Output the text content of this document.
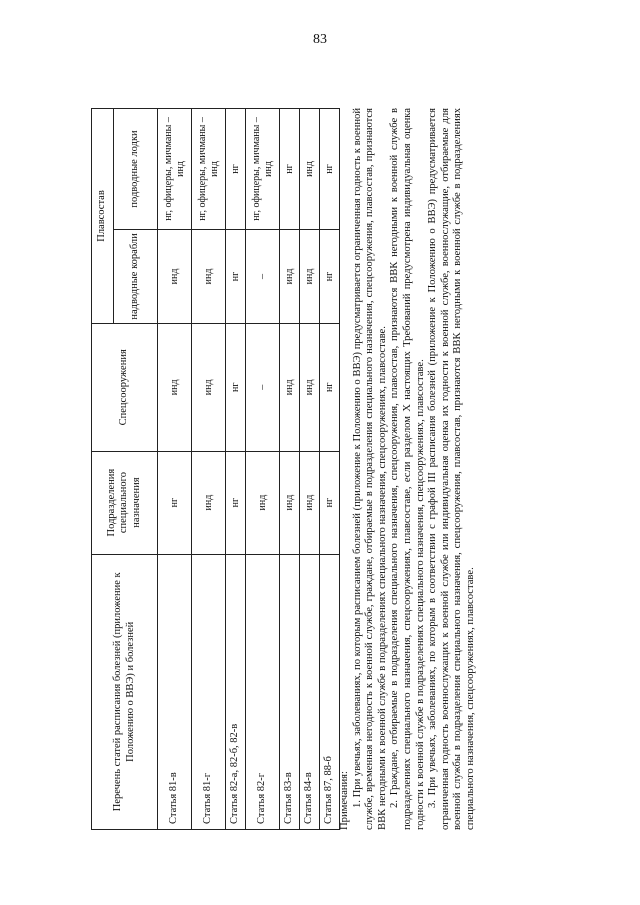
83
Перечень статей расписания болезней (приложение к Положению о ВВЭ) и болезней	Подразделения специального назначения	Спецсооружения	Плавсостав	
			надводные корабли	подводные лодки
Статья 81-в	нг	инд	инд	нг, офицеры, мичманы – инд
Статья 81-г	инд	инд	инд	нг, офицеры, мичманы – инд
Статья 82-а, 82-б, 82-в	нг	нг	нг	нг
Статья 82-г	инд	–	–	нг, офицеры, мичманы – инд
Статья 83-в	инд	инд	инд	нг
Статья 84-в	инд	инд	инд	инд
Статья 87, 88-б	нг	нг	нг	нг

Примечания: 1. При увечьях, заболеваниях, по которым расписанием болезней (приложение к Положению о ВВЭ) предусматривается ограниченная годность к военной службе, временная негодность к военной службе, граждане, отбираемые в подразделения специального назначения, спецсооружения, плавсостав, признаются ВВК негодными к военной службе в подразделениях специального назначения, спецсооружениях, плавсоставе. 2. Граждане, отбираемые в подразделения специального назначения, спецсооружения, плавсостав, признаются ВВК негодными к военной службе в подразделениях специального назначения, спецсооружениях, плавсоставе, если разделом X настоящих Требований предусмотрена индивидуальная оценка годности к военной службе в подразделениях специального назначения, спецсооружениях, плавсоставе. 3. При увечьях, заболеваниях, по которым в соответствии с графой III расписания болезней (приложение к Положению о ВВЭ) предусматривается ограниченная годность военнослужащих к военной службе или индивидуальная оценка их годности к военной службе, военнослужащие, отбираемые для военной службы в подразделения специального назначения, спецсооружения, плавсостав, признаются ВВК негодными к военной службе в подразделениях специального назначения, спецсооружениях, плавсоставе.
